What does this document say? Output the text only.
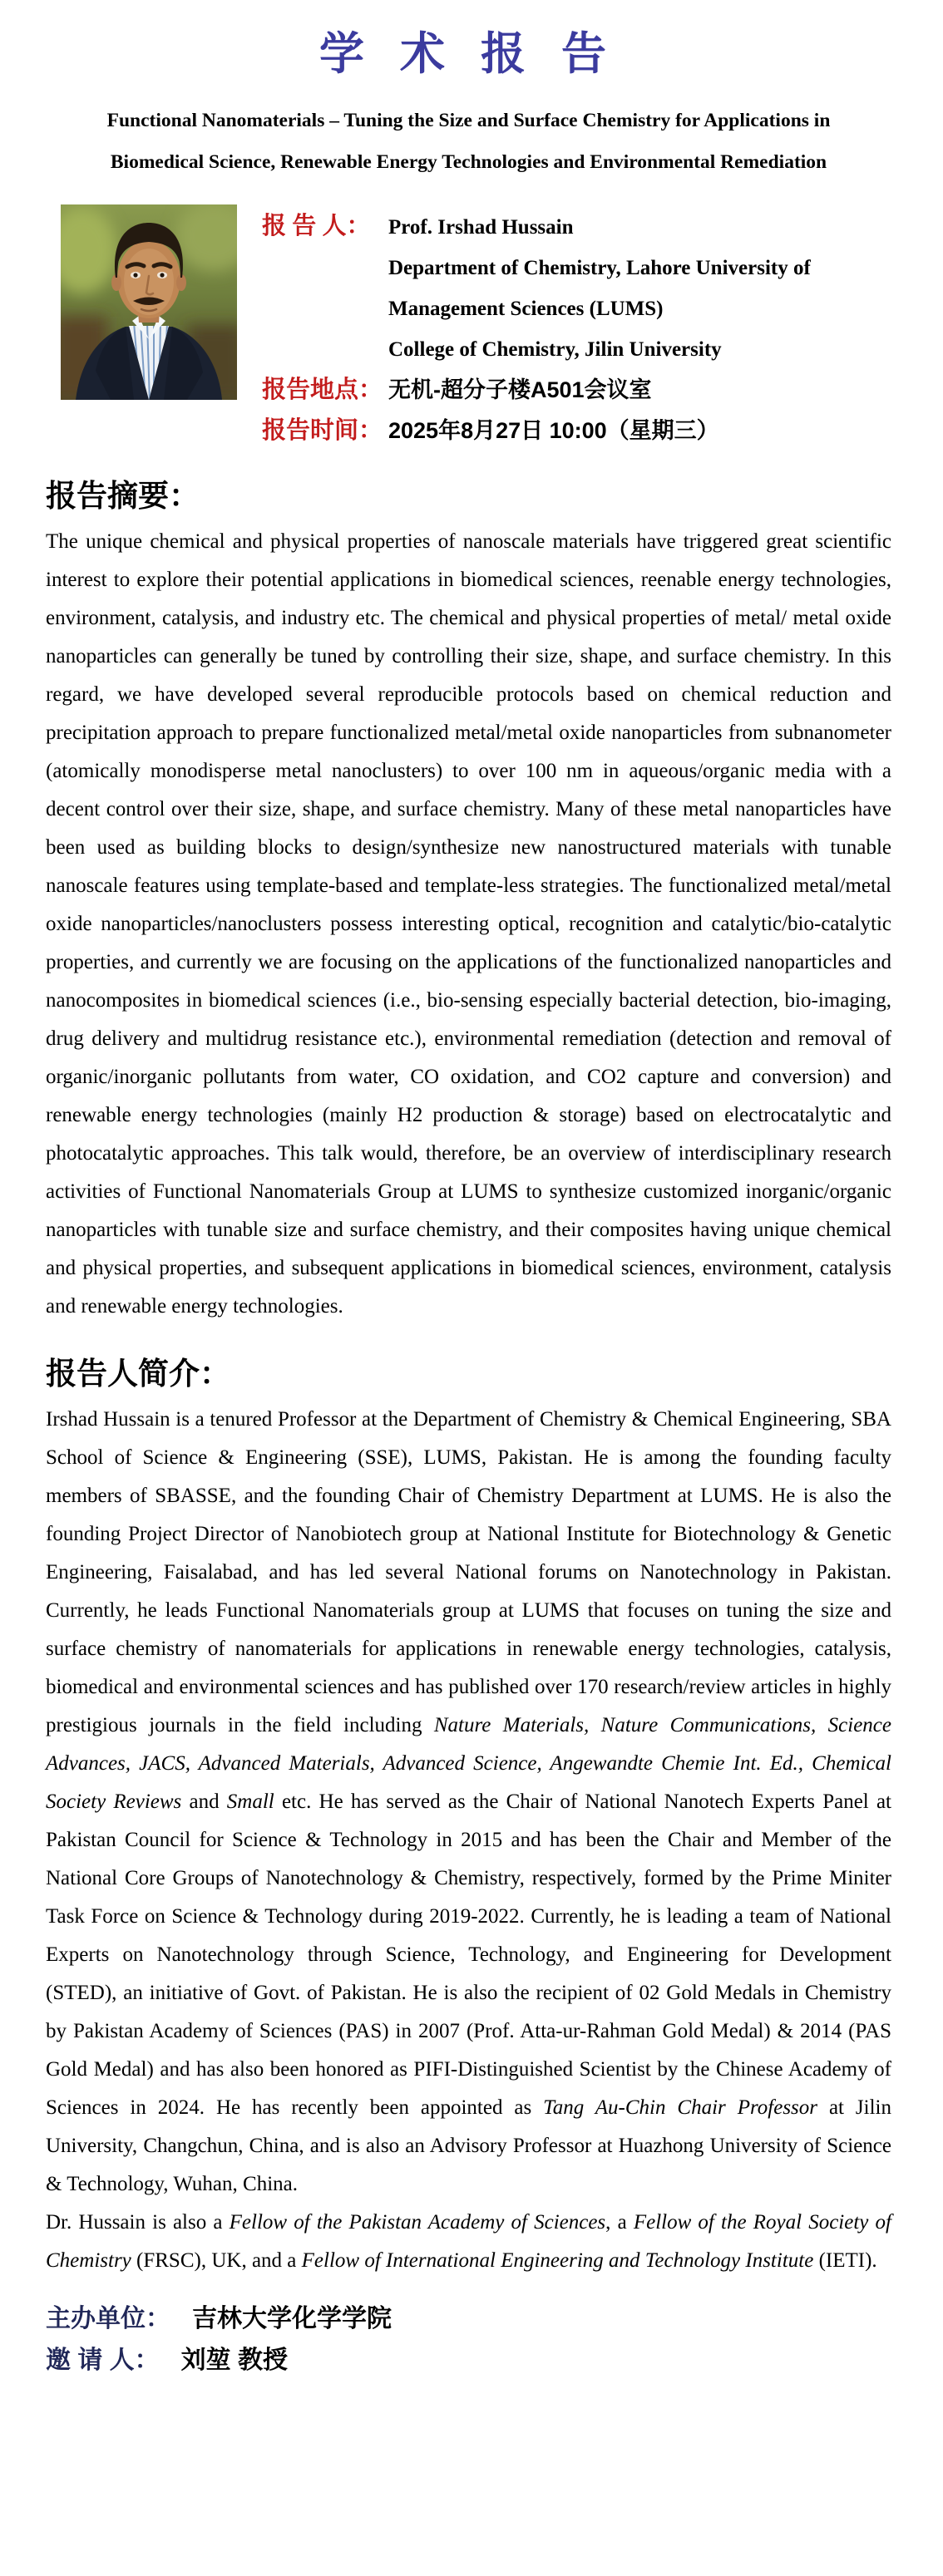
学 术 报 告
Functional Nanomaterials – Tuning the Size and Surface Chemistry for Applications in Biomedical Science, Renewable Energy Technologies and Environmental Remediation
报 告 人： Prof. Irshad Hussain
Department of Chemistry, Lahore University of
Management Sciences (LUMS)
College of Chemistry, Jilin University
报告地点： 无机-超分子楼A501会议室
报告时间： 2025年8月27日 10:00（星期三）
报告摘要：

The unique chemical and physical properties of nanoscale materials have triggered great scientific interest to explore their potential applications in biomedical sciences, reenable energy technologies, environment, catalysis, and industry etc. The chemical and physical properties of metal/ metal oxide nanoparticles can generally be tuned by controlling their size, shape, and surface chemistry. In this regard, we have developed several reproducible protocols based on chemical reduction and precipitation approach to prepare functionalized metal/metal oxide nanoparticles from subnanometer (atomically monodisperse metal nanoclusters) to over 100 nm in aqueous/organic media with a decent control over their size, shape, and surface chemistry. Many of these metal nanoparticles have been used as building blocks to design/synthesize new nanostructured materials with tunable nanoscale features using template-based and template-less strategies. The functionalized metal/metal oxide nanoparticles/nanoclusters possess interesting optical, recognition and catalytic/bio-catalytic properties, and currently we are focusing on the applications of the functionalized nanoparticles and nanocomposites in biomedical sciences (i.e., bio-sensing especially bacterial detection, bio-imaging, drug delivery and multidrug resistance etc.), environmental remediation (detection and removal of organic/inorganic pollutants from water, CO oxidation, and CO2 capture and conversion) and renewable energy technologies (mainly H2 production & storage) based on electrocatalytic and photocatalytic approaches. This talk would, therefore, be an overview of interdisciplinary research activities of Functional Nanomaterials Group at LUMS to synthesize customized inorganic/organic nanoparticles with tunable size and surface chemistry, and their composites having unique chemical and physical properties, and subsequent applications in biomedical sciences, environment, catalysis and renewable energy technologies.

报告人简介：

Irshad Hussain is a tenured Professor at the Department of Chemistry & Chemical Engineering, SBA School of Science & Engineering (SSE), LUMS, Pakistan. He is among the founding faculty members of SBASSE, and the founding Chair of Chemistry Department at LUMS. He is also the founding Project Director of Nanobiotech group at National Institute for Biotechnology & Genetic Engineering, Faisalabad, and has led several National forums on Nanotechnology in Pakistan. Currently, he leads Functional Nanomaterials group at LUMS that focuses on tuning the size and surface chemistry of nanomaterials for applications in renewable energy technologies, catalysis, biomedical and environmental sciences and has published over 170 research/review articles in highly prestigious journals in the field including Nature Materials, Nature Communications, Science Advances, JACS, Advanced Materials, Advanced Science, Angewandte Chemie Int. Ed., Chemical Society Reviews and Small etc. He has served as the Chair of National Nanotech Experts Panel at Pakistan Council for Science & Technology in 2015 and has been the Chair and Member of the National Core Groups of Nanotechnology & Chemistry, respectively, formed by the Prime Miniter Task Force on Science & Technology during 2019-2022. Currently, he is leading a team of National Experts on Nanotechnology through Science, Technology, and Engineering for Development (STED), an initiative of Govt. of Pakistan. He is also the recipient of 02 Gold Medals in Chemistry by Pakistan Academy of Sciences (PAS) in 2007 (Prof. Atta-ur-Rahman Gold Medal) & 2014 (PAS Gold Medal) and has also been honored as PIFI-Distinguished Scientist by the Chinese Academy of Sciences in 2024. He has recently been appointed as Tang Au-Chin Chair Professor at Jilin University, Changchun, China, and is also an Advisory Professor at Huazhong University of Science & Technology, Wuhan, China.

Dr. Hussain is also a Fellow of the Pakistan Academy of Sciences, a Fellow of the Royal Society of Chemistry (FRSC), UK, and a Fellow of International Engineering and Technology Institute (IETI).

主办单位： 吉林大学化学学院
邀 请 人： 刘堃 教授
